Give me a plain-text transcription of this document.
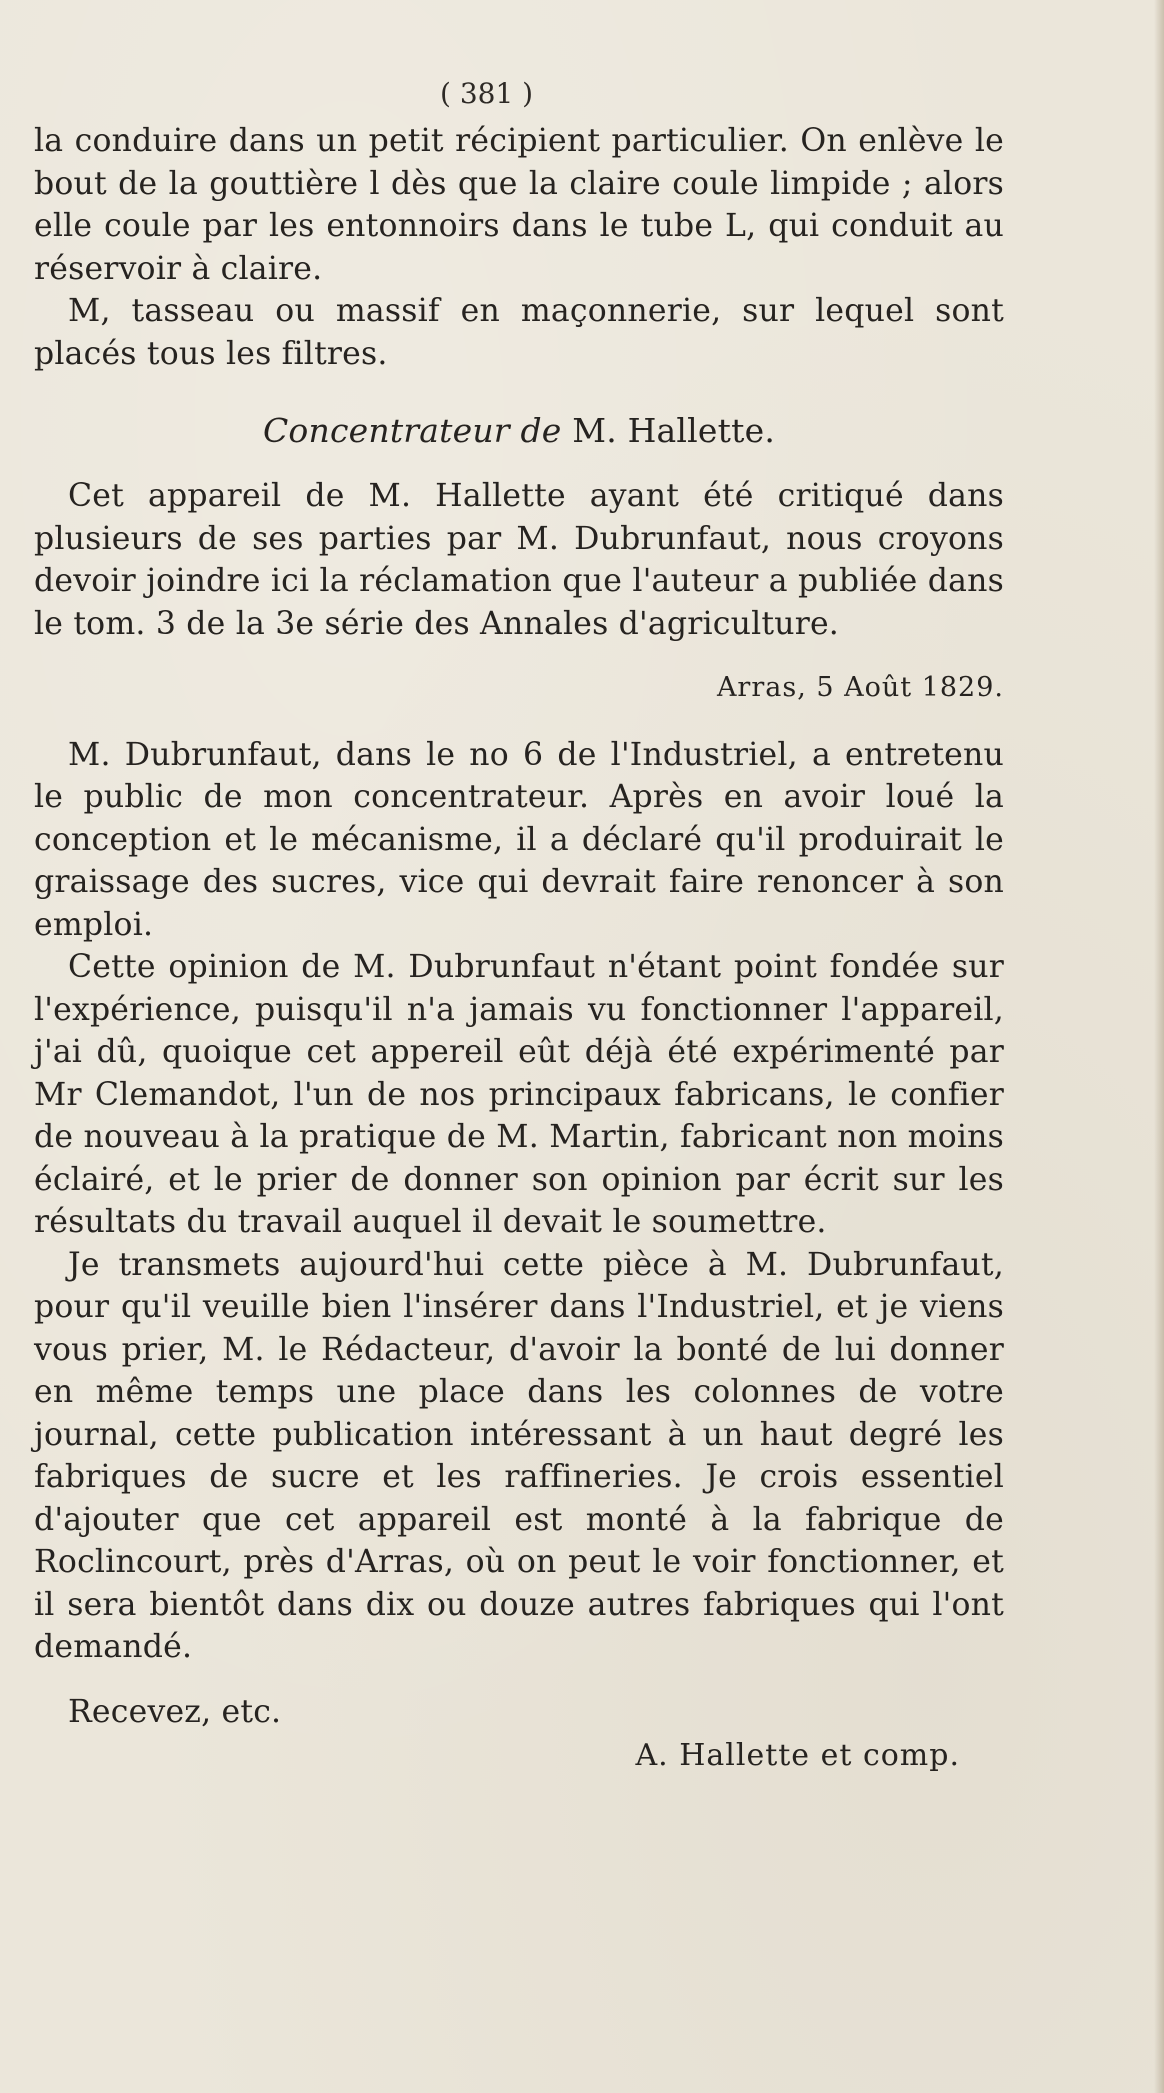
( 381 )

la conduire dans un petit récipient particulier. On enlève le bout de la gouttière l dès que la claire coule limpide ; alors elle coule par les entonnoirs dans le tube L, qui conduit au réservoir à claire.

M, tasseau ou massif en maçonnerie, sur lequel sont placés tous les filtres.

Concentrateur de M. Hallette.

Cet appareil de M. Hallette ayant été critiqué dans plusieurs de ses parties par M. Dubrunfaut, nous croyons devoir joindre ici la réclamation que l'auteur a publiée dans le tom. 3 de la 3e série des Annales d'agriculture.

Arras, 5 Août 1829.

M. Dubrunfaut, dans le no 6 de l'Industriel, a entretenu le public de mon concentrateur. Après en avoir loué la conception et le mécanisme, il a déclaré qu'il produirait le graissage des sucres, vice qui devrait faire renoncer à son emploi.

Cette opinion de M. Dubrunfaut n'étant point fondée sur l'expérience, puisqu'il n'a jamais vu fonctionner l'appareil, j'ai dû, quoique cet appereil eût déjà été expérimenté par Mr Clemandot, l'un de nos principaux fabricans, le confier de nouveau à la pratique de M. Martin, fabricant non moins éclairé, et le prier de donner son opinion par écrit sur les résultats du travail auquel il devait le soumettre.

Je transmets aujourd'hui cette pièce à M. Dubrunfaut, pour qu'il veuille bien l'insérer dans l'Industriel, et je viens vous prier, M. le Rédacteur, d'avoir la bonté de lui donner en même temps une place dans les colonnes de votre journal, cette publication intéressant à un haut degré les fabriques de sucre et les raffineries. Je crois essentiel d'ajouter que cet appareil est monté à la fabrique de Roclincourt, près d'Arras, où on peut le voir fonctionner, et il sera bientôt dans dix ou douze autres fabriques qui l'ont demandé.

Recevez, etc.
A. Hallette et comp.
